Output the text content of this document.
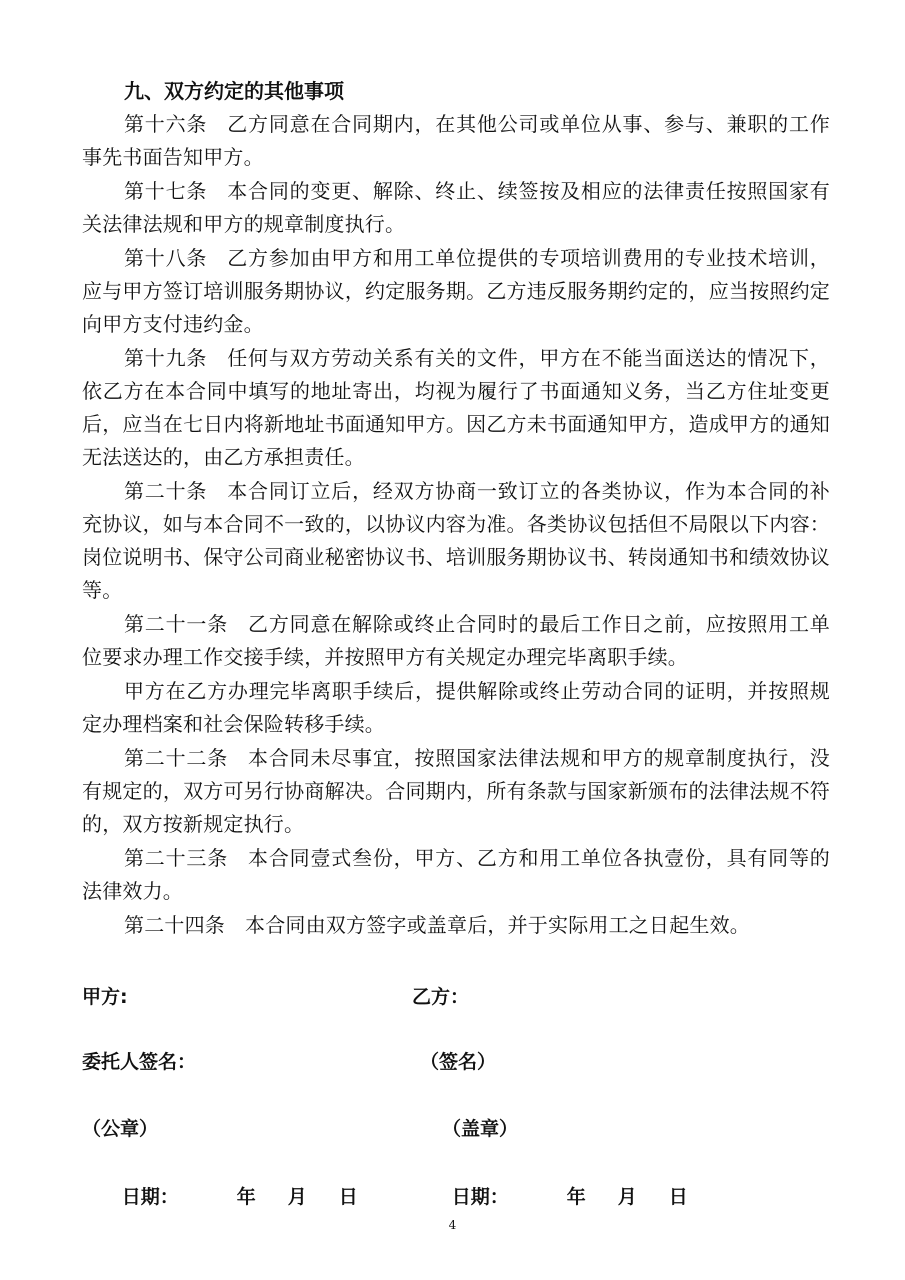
九、双方约定的其他事项

第十六条 乙方同意在合同期内，在其他公司或单位从事、参与、兼职的工作事先书面告知甲方。

第十七条 本合同的变更、解除、终止、续签按及相应的法律责任按照国家有关法律法规和甲方的规章制度执行。

第十八条 乙方参加由甲方和用工单位提供的专项培训费用的专业技术培训，应与甲方签订培训服务期协议，约定服务期。乙方违反服务期约定的，应当按照约定向甲方支付违约金。

第十九条 任何与双方劳动关系有关的文件，甲方在不能当面送达的情况下，依乙方在本合同中填写的地址寄出，均视为履行了书面通知义务，当乙方住址变更后，应当在七日内将新地址书面通知甲方。因乙方未书面通知甲方，造成甲方的通知无法送达的，由乙方承担责任。

第二十条 本合同订立后，经双方协商一致订立的各类协议，作为本合同的补充协议，如与本合同不一致的，以协议内容为准。各类协议包括但不局限以下内容：岗位说明书、保守公司商业秘密协议书、培训服务期协议书、转岗通知书和绩效协议等。

第二十一条 乙方同意在解除或终止合同时的最后工作日之前，应按照用工单位要求办理工作交接手续，并按照甲方有关规定办理完毕离职手续。

甲方在乙方办理完毕离职手续后，提供解除或终止劳动合同的证明，并按照规定办理档案和社会保险转移手续。

第二十二条 本合同未尽事宜，按照国家法律法规和甲方的规章制度执行，没有规定的，双方可另行协商解决。合同期内，所有条款与国家新颁布的法律法规不符的，双方按新规定执行。

第二十三条 本合同壹式叁份，甲方、乙方和用工单位各执壹份，具有同等的法律效力。

第二十四条 本合同由双方签字或盖章后，并于实际用工之日起生效。

甲方:	乙方：
委托人签名：	（签名）
（公章）	（盖章）

日期：	年 月 日
	日期：	年 月 日

4
